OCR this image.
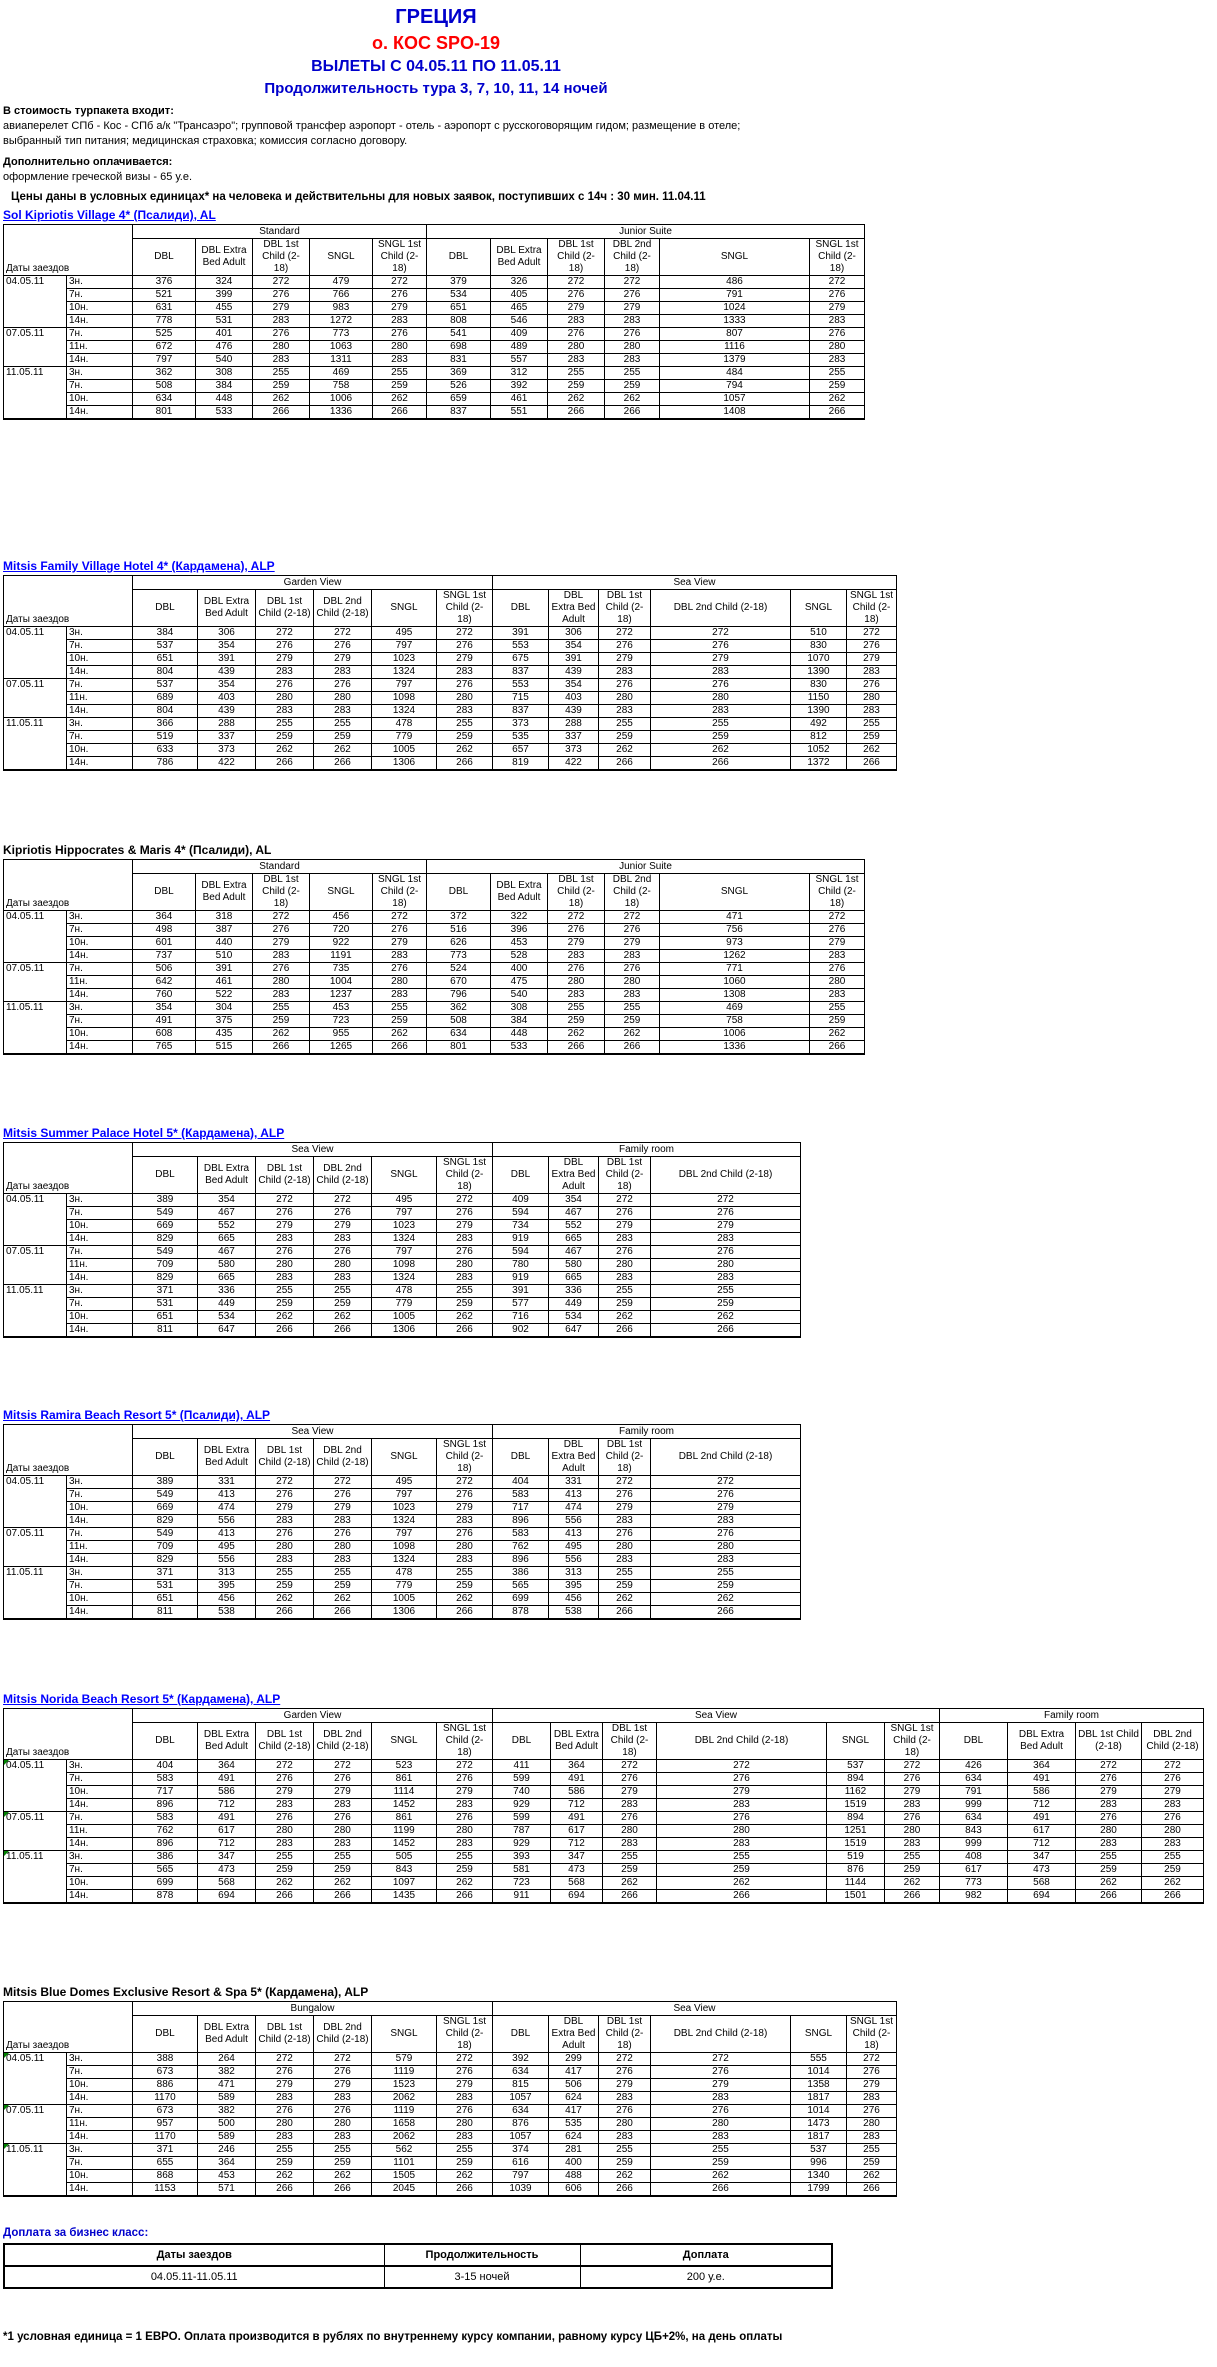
ГРЕЦИЯ
о. КОС SPO-19
ВЫЛЕТЫ С 04.05.11 ПО 11.05.11
Продолжительность тура 3, 7, 10, 11, 14 ночей
В стоимость турпакета входит:
авиаперелет СПб - Кос - СПб а/к "Трансаэро"; групповой трансфер аэропорт - отель - аэропорт с русскоговорящим гидом; размещение в отеле;
выбранный тип питания; медицинская страховка; комиссия согласно договору.
Дополнительно оплачивается:
оформление греческой визы - 65 у.е.
Цены даны в условных единицах* на человека и действительны для новых заявок, поступивших с 14ч : 30 мин. 11.04.11
Sol Kipriotis Village 4* (Псалиди), AL
Даты заездов		Standard					Junior Suite					
		DBL	DBL Extra Bed Adult	DBL 1st Child (2-18)	SNGL	SNGL 1st Child (2-18)	DBL	DBL Extra Bed Adult	DBL 1st Child (2-18)	DBL 2nd Child (2-18)	SNGL	SNGL 1st Child (2-18)
04.05.11	3н.	376	324	272	479	272	379	326	272	272	486	272
	7н.	521	399	276	766	276	534	405	276	276	791	276
	10н.	631	455	279	983	279	651	465	279	279	1024	279
	14н.	778	531	283	1272	283	808	546	283	283	1333	283
07.05.11	7н.	525	401	276	773	276	541	409	276	276	807	276
	11н.	672	476	280	1063	280	698	489	280	280	1116	280
	14н.	797	540	283	1311	283	831	557	283	283	1379	283
11.05.11	3н.	362	308	255	469	255	369	312	255	255	484	255
	7н.	508	384	259	758	259	526	392	259	259	794	259
	10н.	634	448	262	1006	262	659	461	262	262	1057	262
	14н.	801	533	266	1336	266	837	551	266	266	1408	266
Mitsis Family Village Hotel 4* (Кардамена), ALP
Даты заездов		Garden View						Sea View					
		DBL	DBL Extra Bed Adult	DBL 1st Child (2-18)	DBL 2nd Child (2-18)	SNGL	SNGL 1st Child (2-18)	DBL	DBL Extra Bed Adult	DBL 1st Child (2-18)	DBL 2nd Child (2-18)	SNGL	SNGL 1st Child (2-18)
04.05.11	3н.	384	306	272	272	495	272	391	306	272	272	510	272
	7н.	537	354	276	276	797	276	553	354	276	276	830	276
	10н.	651	391	279	279	1023	279	675	391	279	279	1070	279
	14н.	804	439	283	283	1324	283	837	439	283	283	1390	283
07.05.11	7н.	537	354	276	276	797	276	553	354	276	276	830	276
	11н.	689	403	280	280	1098	280	715	403	280	280	1150	280
	14н.	804	439	283	283	1324	283	837	439	283	283	1390	283
11.05.11	3н.	366	288	255	255	478	255	373	288	255	255	492	255
	7н.	519	337	259	259	779	259	535	337	259	259	812	259
	10н.	633	373	262	262	1005	262	657	373	262	262	1052	262
	14н.	786	422	266	266	1306	266	819	422	266	266	1372	266
Kipriotis Hippocrates & Maris 4* (Псалиди), AL
Даты заездов		Standard					Junior Suite					
		DBL	DBL Extra Bed Adult	DBL 1st Child (2-18)	SNGL	SNGL 1st Child (2-18)	DBL	DBL Extra Bed Adult	DBL 1st Child (2-18)	DBL 2nd Child (2-18)	SNGL	SNGL 1st Child (2-18)
04.05.11	3н.	364	318	272	456	272	372	322	272	272	471	272
	7н.	498	387	276	720	276	516	396	276	276	756	276
	10н.	601	440	279	922	279	626	453	279	279	973	279
	14н.	737	510	283	1191	283	773	528	283	283	1262	283
07.05.11	7н.	506	391	276	735	276	524	400	276	276	771	276
	11н.	642	461	280	1004	280	670	475	280	280	1060	280
	14н.	760	522	283	1237	283	796	540	283	283	1308	283
11.05.11	3н.	354	304	255	453	255	362	308	255	255	469	255
	7н.	491	375	259	723	259	508	384	259	259	758	259
	10н.	608	435	262	955	262	634	448	262	262	1006	262
	14н.	765	515	266	1265	266	801	533	266	266	1336	266
Mitsis Summer Palace Hotel 5* (Кардамена), ALP
Даты заездов		Sea View						Family room			
		DBL	DBL Extra Bed Adult	DBL 1st Child (2-18)	DBL 2nd Child (2-18)	SNGL	SNGL 1st Child (2-18)	DBL	DBL Extra Bed Adult	DBL 1st Child (2-18)	DBL 2nd Child (2-18)
04.05.11	3н.	389	354	272	272	495	272	409	354	272	272
	7н.	549	467	276	276	797	276	594	467	276	276
	10н.	669	552	279	279	1023	279	734	552	279	279
	14н.	829	665	283	283	1324	283	919	665	283	283
07.05.11	7н.	549	467	276	276	797	276	594	467	276	276
	11н.	709	580	280	280	1098	280	780	580	280	280
	14н.	829	665	283	283	1324	283	919	665	283	283
11.05.11	3н.	371	336	255	255	478	255	391	336	255	255
	7н.	531	449	259	259	779	259	577	449	259	259
	10н.	651	534	262	262	1005	262	716	534	262	262
	14н.	811	647	266	266	1306	266	902	647	266	266
Mitsis Ramira Beach Resort 5* (Псалиди), ALP
Даты заездов		Sea View						Family room			
		DBL	DBL Extra Bed Adult	DBL 1st Child (2-18)	DBL 2nd Child (2-18)	SNGL	SNGL 1st Child (2-18)	DBL	DBL Extra Bed Adult	DBL 1st Child (2-18)	DBL 2nd Child (2-18)
04.05.11	3н.	389	331	272	272	495	272	404	331	272	272
	7н.	549	413	276	276	797	276	583	413	276	276
	10н.	669	474	279	279	1023	279	717	474	279	279
	14н.	829	556	283	283	1324	283	896	556	283	283
07.05.11	7н.	549	413	276	276	797	276	583	413	276	276
	11н.	709	495	280	280	1098	280	762	495	280	280
	14н.	829	556	283	283	1324	283	896	556	283	283
11.05.11	3н.	371	313	255	255	478	255	386	313	255	255
	7н.	531	395	259	259	779	259	565	395	259	259
	10н.	651	456	262	262	1005	262	699	456	262	262
	14н.	811	538	266	266	1306	266	878	538	266	266
Mitsis Norida Beach Resort 5* (Кардамена), ALP
Даты заездов		Garden View						Sea View						Family room			
		DBL	DBL Extra Bed Adult	DBL 1st Child (2-18)	DBL 2nd Child (2-18)	SNGL	SNGL 1st Child (2-18)	DBL	DBL Extra Bed Adult	DBL 1st Child (2-18)	DBL 2nd Child (2-18)	SNGL	SNGL 1st Child (2-18)	DBL	DBL Extra Bed Adult	DBL 1st Child (2-18)	DBL 2nd Child (2-18)
04.05.11	3н.	404	364	272	272	523	272	411	364	272	272	537	272	426	364	272	272
	7н.	583	491	276	276	861	276	599	491	276	276	894	276	634	491	276	276
	10н.	717	586	279	279	1114	279	740	586	279	279	1162	279	791	586	279	279
	14н.	896	712	283	283	1452	283	929	712	283	283	1519	283	999	712	283	283
07.05.11	7н.	583	491	276	276	861	276	599	491	276	276	894	276	634	491	276	276
	11н.	762	617	280	280	1199	280	787	617	280	280	1251	280	843	617	280	280
	14н.	896	712	283	283	1452	283	929	712	283	283	1519	283	999	712	283	283
11.05.11	3н.	386	347	255	255	505	255	393	347	255	255	519	255	408	347	255	255
	7н.	565	473	259	259	843	259	581	473	259	259	876	259	617	473	259	259
	10н.	699	568	262	262	1097	262	723	568	262	262	1144	262	773	568	262	262
	14н.	878	694	266	266	1435	266	911	694	266	266	1501	266	982	694	266	266
Mitsis Blue Domes Exclusive Resort & Spa 5* (Кардамена), ALP
Даты заездов		Bungalow						Sea View					
		DBL	DBL Extra Bed Adult	DBL 1st Child (2-18)	DBL 2nd Child (2-18)	SNGL	SNGL 1st Child (2-18)	DBL	DBL Extra Bed Adult	DBL 1st Child (2-18)	DBL 2nd Child (2-18)	SNGL	SNGL 1st Child (2-18)
04.05.11	3н.	388	264	272	272	579	272	392	299	272	272	555	272
	7н.	673	382	276	276	1119	276	634	417	276	276	1014	276
	10н.	886	471	279	279	1523	279	815	506	279	279	1358	279
	14н.	1170	589	283	283	2062	283	1057	624	283	283	1817	283
07.05.11	7н.	673	382	276	276	1119	276	634	417	276	276	1014	276
	11н.	957	500	280	280	1658	280	876	535	280	280	1473	280
	14н.	1170	589	283	283	2062	283	1057	624	283	283	1817	283
11.05.11	3н.	371	246	255	255	562	255	374	281	255	255	537	255
	7н.	655	364	259	259	1101	259	616	400	259	259	996	259
	10н.	868	453	262	262	1505	262	797	488	262	262	1340	262
	14н.	1153	571	266	266	2045	266	1039	606	266	266	1799	266
Доплата за бизнес класс:
Даты заездов	Продолжительность	Доплата
04.05.11-11.05.11	3-15 ночей	200 у.е.
*1 условная единица = 1 ЕВРО. Оплата производится в рублях по внутреннему курсу компании, равному курсу ЦБ+2%, на день оплаты
